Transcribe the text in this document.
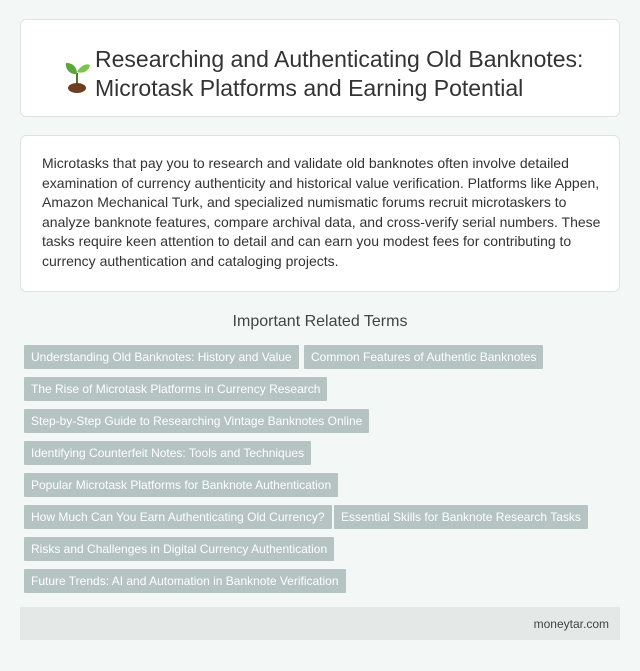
Researching and Authenticating Old Banknotes: Microtask Platforms and Earning Potential

Microtasks that pay you to research and validate old banknotes often involve detailed examination of currency authenticity and historical value verification. Platforms like Appen, Amazon Mechanical Turk, and specialized numismatic forums recruit microtaskers to analyze banknote features, compare archival data, and cross-verify serial numbers. These tasks require keen attention to detail and can earn you modest fees for contributing to currency authentication and cataloging projects.

Important Related Terms
Understanding Old Banknotes: History and Value	Common Features of Authentic Banknotes
The Rise of Microtask Platforms in Currency Research
Step-by-Step Guide to Researching Vintage Banknotes Online
Identifying Counterfeit Notes: Tools and Techniques
Popular Microtask Platforms for Banknote Authentication
How Much Can You Earn Authenticating Old Currency?	Essential Skills for Banknote Research Tasks
Risks and Challenges in Digital Currency Authentication
Future Trends: AI and Automation in Banknote Verification
moneytar.com
